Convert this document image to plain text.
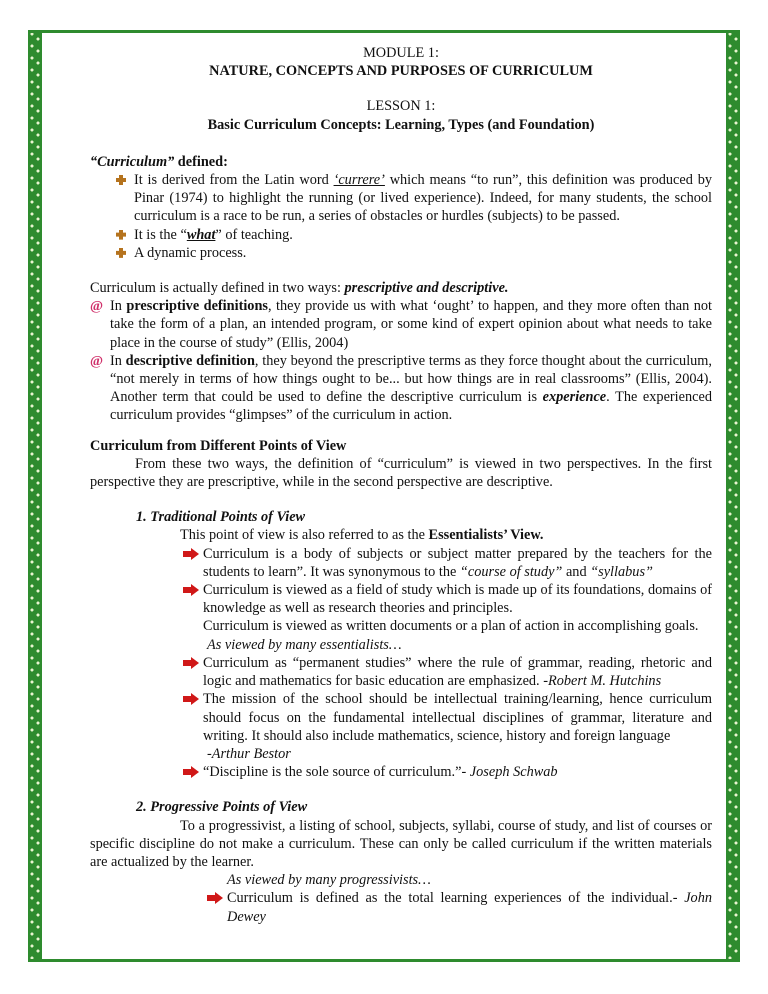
MODULE 1:

NATURE, CONCEPTS AND PURPOSES OF CURRICULUM

LESSON 1:

Basic Curriculum Concepts: Learning, Types (and Foundation)

“Curriculum” defined:

It is derived from the Latin word ‘currere’ which means “to run”, this definition was produced by Pinar (1974) to highlight the running (or lived experience). Indeed, for many students, the school curriculum is a race to be run, a series of obstacles or hurdles (subjects) to be passed.
It is the “what” of teaching.
A dynamic process.

Curriculum is actually defined in two ways: prescriptive and descriptive.

@ In prescriptive definitions, they provide us with what ‘ought’ to happen, and they more often than not take the form of a plan, an intended program, or some kind of expert opinion about what needs to take place in the course of study” (Ellis, 2004)
@ In descriptive definition, they beyond the prescriptive terms as they force thought about the curriculum, “not merely in terms of how things ought to be... but how things are in real classrooms” (Ellis, 2004). Another term that could be used to define the descriptive curriculum is experience. The experienced curriculum provides “glimpses” of the curriculum in action.

Curriculum from Different Points of View

From these two ways, the definition of “curriculum” is viewed in two perspectives. In the first perspective they are prescriptive, while in the second perspective are descriptive.

1. Traditional Points of View

This point of view is also referred to as the Essentialists’ View.

Curriculum is a body of subjects or subject matter prepared by the teachers for the students to learn”. It was synonymous to the “course of study” and “syllabus”
Curriculum is viewed as a field of study which is made up of its foundations, domains of knowledge as well as research theories and principles.
Curriculum is viewed as written documents or a plan of action in accomplishing goals.
As viewed by many essentialists…
Curriculum as “permanent studies” where the rule of grammar, reading, rhetoric and logic and mathematics for basic education are emphasized. -Robert M. Hutchins
The mission of the school should be intellectual training/learning, hence curriculum should focus on the fundamental intellectual disciplines of grammar, literature and writing. It should also include mathematics, science, history and foreign language
-Arthur Bestor
“Discipline is the sole source of curriculum.”- Joseph Schwab

2. Progressive Points of View

To a progressivist, a listing of school, subjects, syllabi, course of study, and list of courses or specific discipline do not make a curriculum. These can only be called curriculum if the written materials are actualized by the learner.

As viewed by many progressivists…
Curriculum is defined as the total learning experiences of the individual.- John Dewey
